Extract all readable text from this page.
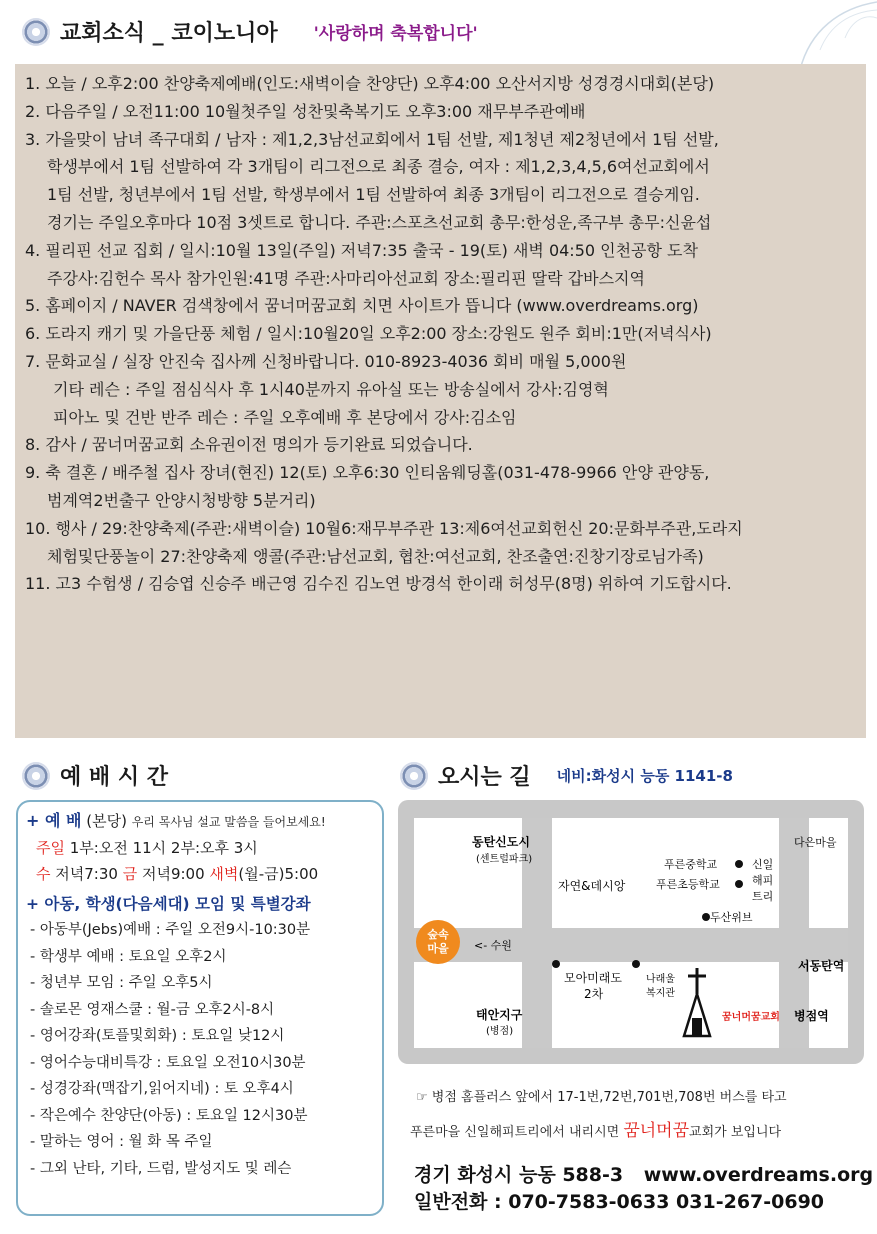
교회소식 _ 코이노니아 '사랑하며 축복합니다'
1. 오늘 / 오후2:00 찬양축제예배(인도:새벽이슬 찬양단) 오후4:00 오산서지방 성경경시대회(본당)
2. 다음주일 / 오전11:00 10월첫주일 성찬및축복기도 오후3:00 재무부주관예배
3. 가을맞이 남녀 족구대회 / 남자 : 제1,2,3남선교회에서 1팀 선발, 제1청년 제2청년에서 1팀 선발,
학생부에서 1팀 선발하여 각 3개팀이 리그전으로 최종 결승, 여자 : 제1,2,3,4,5,6여선교회에서
1팀 선발, 청년부에서 1팀 선발, 학생부에서 1팀 선발하여 최종 3개팀이 리그전으로 결승게임.
경기는 주일오후마다 10점 3셋트로 합니다. 주관:스포츠선교회 총무:한성운,족구부 총무:신윤섭
4. 필리핀 선교 집회 / 일시:10월 13일(주일) 저녁7:35 출국 - 19(토) 새벽 04:50 인천공항 도착
주강사:김헌수 목사 참가인원:41명 주관:사마리아선교회 장소:필리핀 딸락 갑바스지역
5. 홈페이지 / NAVER 검색창에서 꿈너머꿈교회 치면 사이트가 뜹니다 (www.overdreams.org)
6. 도라지 캐기 및 가을단풍 체험 / 일시:10월20일 오후2:00 장소:강원도 원주 회비:1만(저녁식사)
7. 문화교실 / 실장 안진숙 집사께 신청바랍니다. 010-8923-4036 회비 매월 5,000원
기타 레슨 : 주일 점심식사 후 1시40분까지 유아실 또는 방송실에서 강사:김영혁
피아노 및 건반 반주 레슨 : 주일 오후예배 후 본당에서 강사:김소임
8. 감사 / 꿈너머꿈교회 소유권이전 명의가 등기완료 되었습니다.
9. 축 결혼 / 배주철 집사 장녀(현진) 12(토) 오후6:30 인티움웨딩홀(031-478-9966 안양 관양동,
범계역2번출구 안양시청방향 5분거리)
10. 행사 / 29:찬양축제(주관:새벽이슬) 10월6:재무부주관 13:제6여선교회헌신 20:문화부주관,도라지
체험및단풍놀이 27:찬양축제 앵콜(주관:남선교회, 협찬:여선교회, 찬조출연:진창기장로님가족)
11. 고3 수험생 / 김승엽 신승주 배근영 김수진 김노연 방경석 한이래 허성무(8명) 위하여 기도합시다.
예 배 시 간
+ 예 배 (본당) 우리 목사님 설교 말씀을 들어보세요!
주일 1부:오전 11시 2부:오후 3시
수 저녁7:30 금 저녁9:00 새벽(월-금)5:00
+ 아동, 학생(다음세대) 모임 및 특별강좌
- 아동부(Jebs)예배 : 주일 오전9시-10:30분
- 학생부 예배 : 토요일 오후2시
- 청년부 모임 : 주일 오후5시
- 솔로몬 영재스쿨 : 월-금 오후2시-8시
- 영어강좌(토플및회화) : 토요일 낮12시
- 영어수능대비특강 : 토요일 오전10시30분
- 성경강좌(맥잡기,읽어지네) : 토 오후4시
- 작은예수 찬양단(아동) : 토요일 12시30분
- 말하는 영어 : 월 화 목 주일
- 그외 난타, 기타, 드럼, 발성지도 및 레슨
오시는 길 네비:화성시 능동 1141-8
숲속
마을
동탄신도시
(센트럴파크)
<- 수원
태안지구
(병점)
자연&데시앙
모아미래도
2차
나래울
복지관
푸른중학교
푸른초등학교
두산위브
다은마을
신일
해피
트리
서동탄역
병점역
꿈너머꿈교회
☞ 병점 홈플러스 앞에서 17-1번,72번,701번,708번 버스를 타고
푸른마을 신일해피트리에서 내리시면 꿈너머꿈교회가 보입니다
경기 화성시 능동 588-3 www.overdreams.org
일반전화 : 070-7583-0633 031-267-0690
